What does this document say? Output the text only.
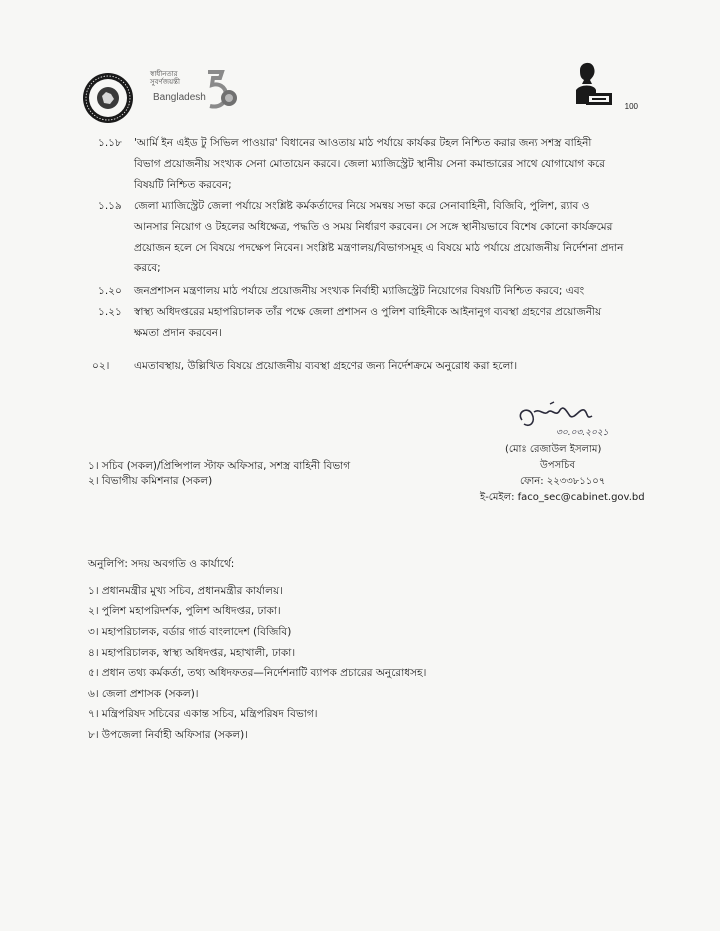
স্বাধীনতার
সুবর্ণজয়ন্তী
Bangladesh
100
১.১৮ 'আর্মি ইন এইড টু সিভিল পাওয়ার' বিধানের আওতায় মাঠ পর্যায়ে কার্যকর টহল নিশ্চিত করার জন্য সশস্ত্র বাহিনী
বিভাগ প্রয়োজনীয় সংখ্যক সেনা মোতায়েন করবে। জেলা ম্যাজিস্ট্রেট স্থানীয় সেনা কমান্ডারের সাথে যোগাযোগ করে
বিষয়টি নিশ্চিত করবেন;
১.১৯ জেলা ম্যাজিস্ট্রেট জেলা পর্যায়ে সংশ্লিষ্ট কর্মকর্তাদের নিয়ে সমন্বয় সভা করে সেনাবাহিনী, বিজিবি, পুলিশ, র‍্যাব ও
আনসার নিয়োগ ও টহলের অধিক্ষেত্র, পদ্ধতি ও সময় নির্ধারণ করবেন। সে সঙ্গে স্থানীয়ভাবে বিশেষ কোনো কার্যক্রমের
প্রয়োজন হলে সে বিষয়ে পদক্ষেপ নিবেন। সংশ্লিষ্ট মন্ত্রণালয়/বিভাগসমূহ এ বিষয়ে মাঠ পর্যায়ে প্রয়োজনীয় নির্দেশনা প্রদান
করবে;
১.২০ জনপ্রশাসন মন্ত্রণালয় মাঠ পর্যায়ে প্রয়োজনীয় সংখ্যক নির্বাহী ম্যাজিস্ট্রেট নিয়োগের বিষয়টি নিশ্চিত করবে; এবং
১.২১ স্বাস্থ্য অধিদপ্তরের মহাপরিচালক তাঁর পক্ষে জেলা প্রশাসন ও পুলিশ বাহিনীকে আইনানুগ ব্যবস্থা গ্রহণের প্রয়োজনীয়
ক্ষমতা প্রদান করবেন।
০২। এমতাবস্থায়, উল্লিখিত বিষয়ে প্রয়োজনীয় ব্যবস্থা গ্রহণের জন্য নির্দেশক্রমে অনুরোধ করা হলো।
৩০.০৩.২০২১
(মোঃ রেজাউল ইসলাম)
উপসচিব
ফোন: ২২৩৩৮১১০৭
ই-মেইল: faco_sec@cabinet.gov.bd
১। সচিব (সকল)/প্রিন্সিপাল স্টাফ অফিসার, সশস্ত্র বাহিনী বিভাগ
২। বিভাগীয় কমিশনার (সকল)
অনুলিপি: সদয় অবগতি ও কার্যার্থে:
১। প্রধানমন্ত্রীর মুখ্য সচিব, প্রধানমন্ত্রীর কার্যালয়।
২। পুলিশ মহাপরিদর্শক, পুলিশ অধিদপ্তর, ঢাকা।
৩। মহাপরিচালক, বর্ডার গার্ড বাংলাদেশ (বিজিবি)
৪। মহাপরিচালক, স্বাস্থ্য অধিদপ্তর, মহাখালী, ঢাকা।
৫। প্রধান তথ্য কর্মকর্তা, তথ্য অধিদফতর—নির্দেশনাটি ব্যাপক প্রচারের অনুরোধসহ।
৬। জেলা প্রশাসক (সকল)।
৭। মন্ত্রিপরিষদ সচিবের একান্ত সচিব, মন্ত্রিপরিষদ বিভাগ।
৮। উপজেলা নির্বাহী অফিসার (সকল)।
